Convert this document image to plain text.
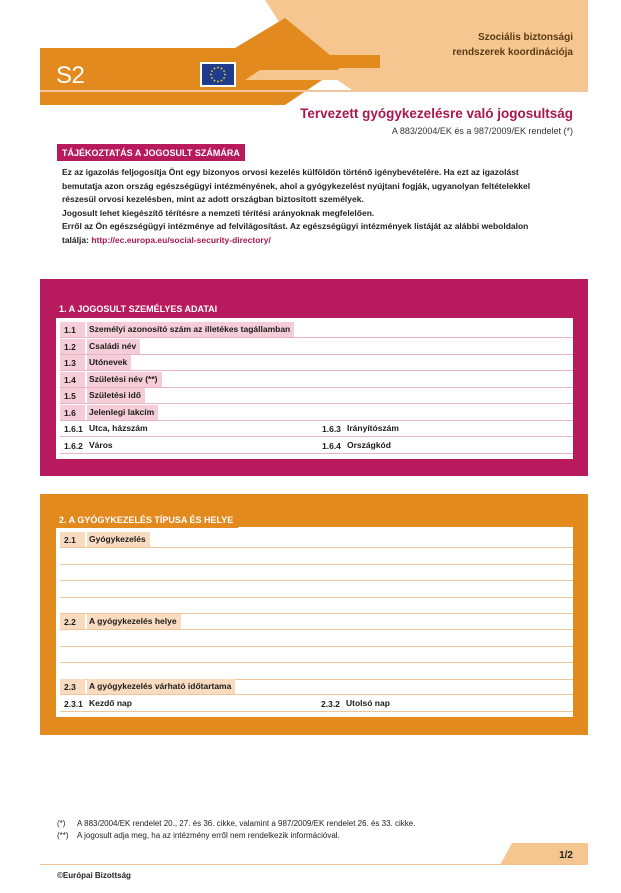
S2
Szociális biztonsági
rendszerek koordinációja
Tervezett gyógykezelésre való jogosultság
A 883/2004/EK és a 987/2009/EK rendelet (*)
TÁJÉKOZTATÁS A JOGOSULT SZÁMÁRA

Ez az igazolás feljogosítja Önt egy bizonyos orvosi kezelés külföldön történő igénybevételére. Ha ezt az igazolást

bemutatja azon ország egészségügyi intézményének, ahol a gyógykezelést nyújtani fogják, ugyanolyan feltételekkel

részesül orvosi kezelésben, mint az adott országban biztosított személyek.

Jogosult lehet kiegészítő térítésre a nemzeti térítési arányoknak megfelelően.

Erről az Ön egészségügyi intézménye ad felvilágosítást. Az egészségügyi intézmények listáját az alábbi weboldalon

találja: http://ec.europa.eu/social-security-directory/

1. A JOGOSULT SZEMÉLYES ADATAI
1.1 Személyi azonosító szám az illetékes tagállamban
1.2 Családi név
1.3 Utónevek
1.4 Születési név (**)
1.5 Születési idő
1.6 Jelenlegi lakcím
1.6.1 Utca, házszám	1.6.3 Irányítószám
1.6.2 Város	1.6.4 Országkód
2. A GYÓGYKEZELÉS TÍPUSA ÉS HELYE
2.1 Gyógykezelés
2.2 A gyógykezelés helye
2.3 A gyógykezelés várható időtartama
2.3.1 Kezdő nap	2.3.2 Utolsó nap
(*) A 883/2004/EK rendelet 20., 27. és 36. cikke, valamint a 987/2009/EK rendelet 26. és 33. cikke.
(**) A jogosult adja meg, ha az intézmény erről nem rendelkezik információval.
1/2
©Európai Bizottság
